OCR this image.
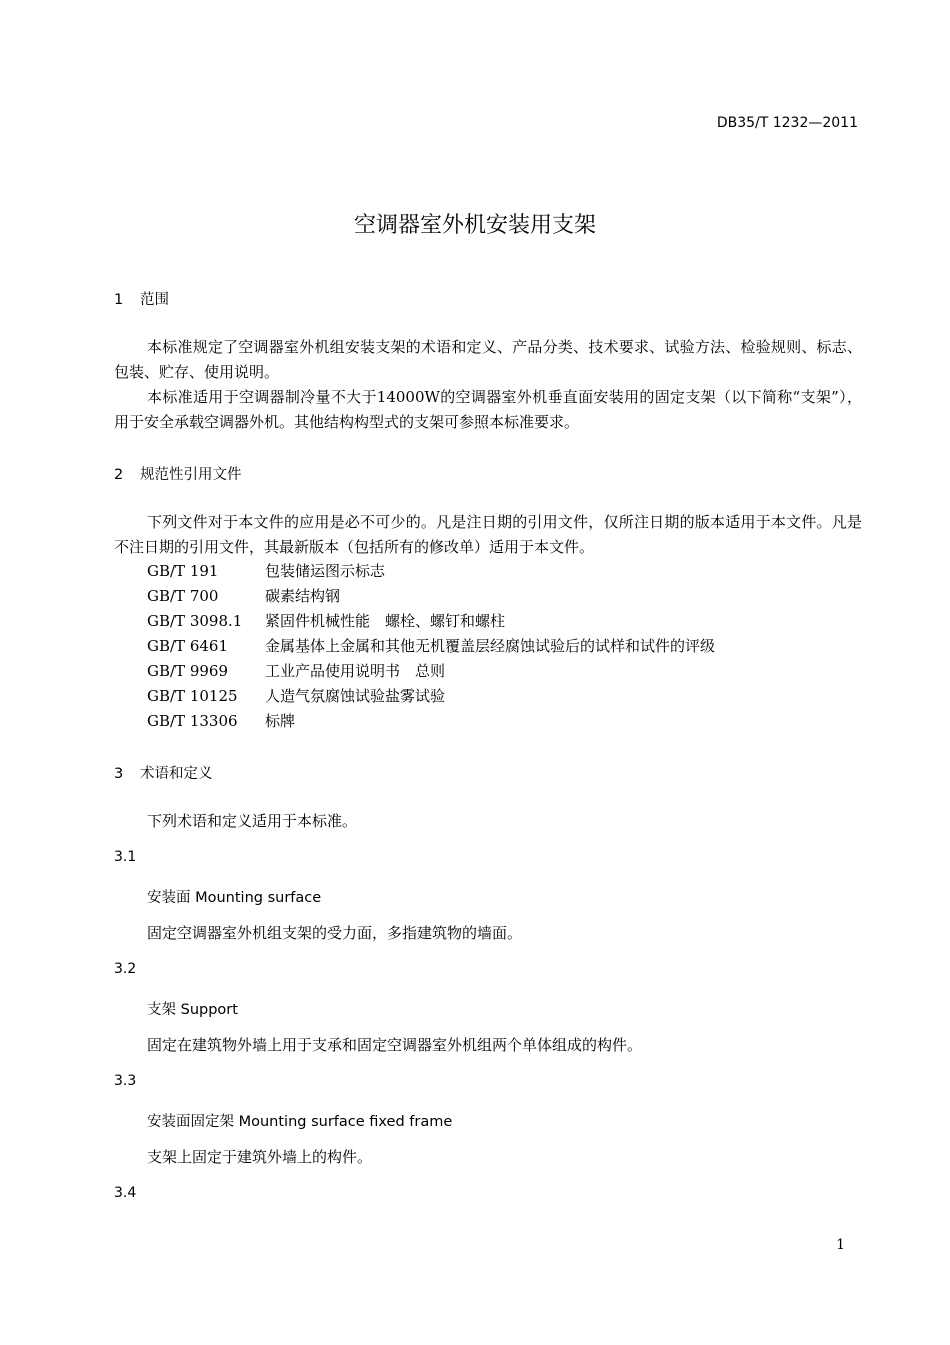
DB35/T 1232—2011
空调器室外机安装用支架
1 范围

本标准规定了空调器室外机组安装支架的术语和定义、产品分类、技术要求、试验方法、检验规则、标志、包装、贮存、使用说明。

本标准适用于空调器制冷量不大于14000W的空调器室外机垂直面安装用的固定支架（以下简称“支架”），用于安全承载空调器外机。其他结构构型式的支架可参照本标准要求。

2 规范性引用文件

下列文件对于本文件的应用是必不可少的。凡是注日期的引用文件，仅所注日期的版本适用于本文件。凡是不注日期的引用文件，其最新版本（包括所有的修改单）适用于本文件。

GB/T 191	包装储运图示标志
GB/T 700	碳素结构钢
GB/T 3098.1 紧固件机械性能　螺栓、螺钉和螺柱
GB/T 6461 金属基体上金属和其他无机覆盖层经腐蚀试验后的试样和试件的评级
GB/T 9969 工业产品使用说明书　总则
GB/T 10125 人造气氛腐蚀试验盐雾试验
GB/T 13306 标牌
3 术语和定义
下列术语和定义适用于本标准。
3.1
安装面 Mounting surface
固定空调器室外机组支架的受力面，多指建筑物的墙面。
3.2
支架 Support
固定在建筑物外墙上用于支承和固定空调器室外机组两个单体组成的构件。
3.3
安装面固定架 Mounting surface fixed frame
支架上固定于建筑外墙上的构件。
3.4
1
